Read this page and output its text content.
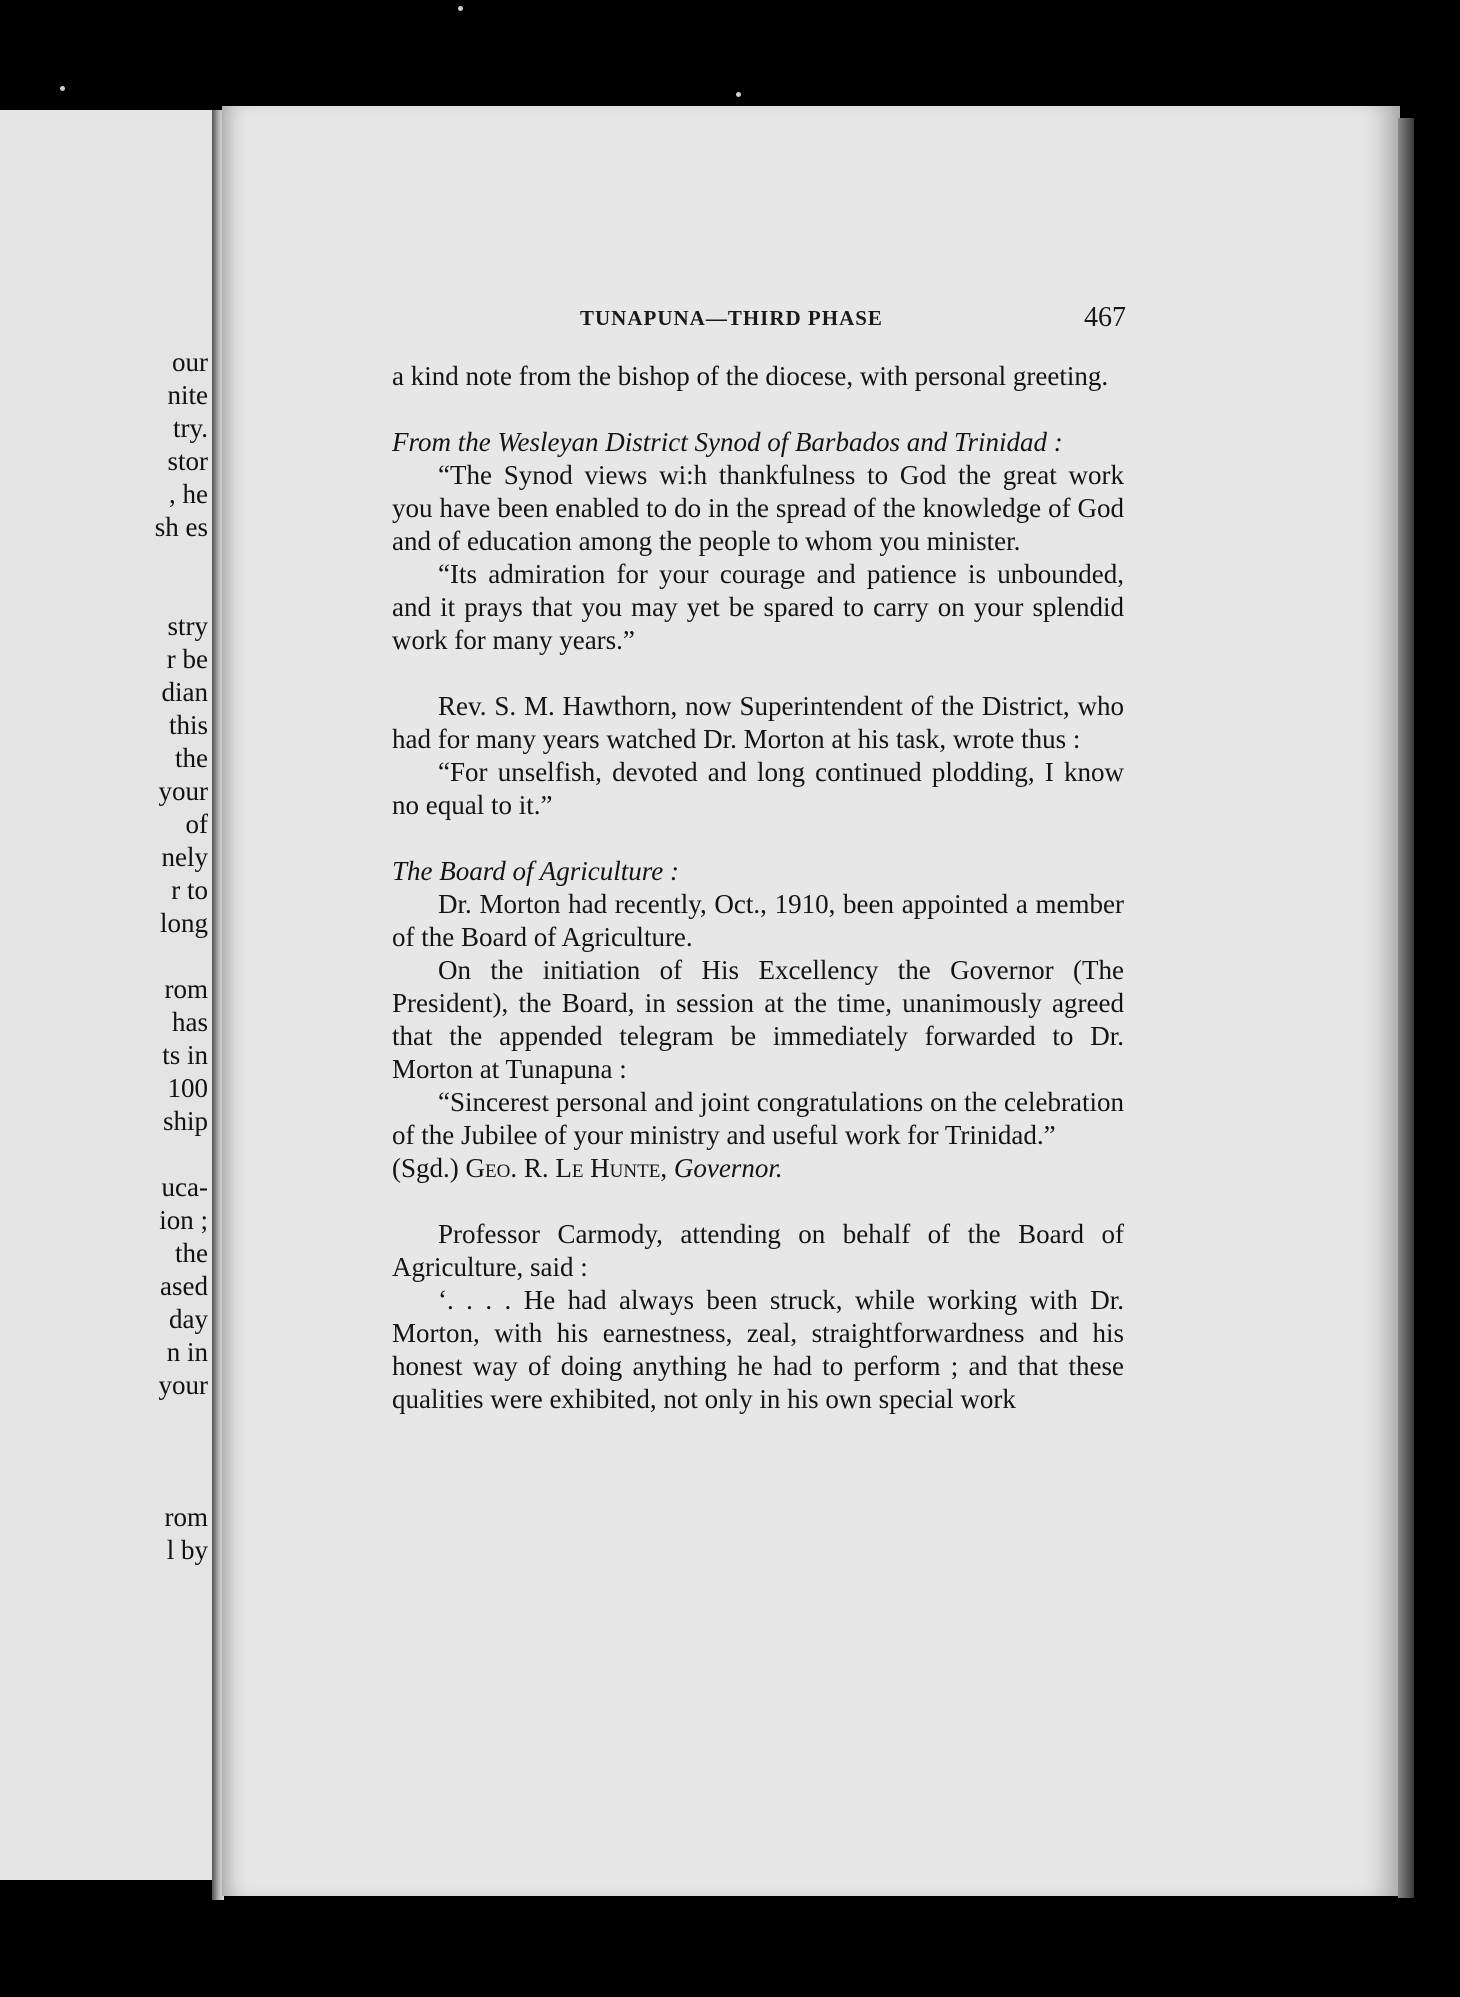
our
nite
try.
stor
, he
sh es
stry
r be
dian
this
the
your
of
nely
r to
long
rom
has
ts in
100
ship
uca-
ion ;
the
ased
day
n in
your
rom
l by
TUNAPUNA—THIRD PHASE	467

a kind note from the bishop of the diocese, with personal greeting.

From the Wesleyan District Synod of Barbados and Trinidad :

“The Synod views wi:h thankfulness to God the great work you have been enabled to do in the spread of the knowledge of God and of education among the people to whom you minister.

“Its admiration for your courage and patience is unbounded, and it prays that you may yet be spared to carry on your splendid work for many years.”

Rev. S. M. Hawthorn, now Superintendent of the District, who had for many years watched Dr. Morton at his task, wrote thus :

“For unselfish, devoted and long continued plodding, I know no equal to it.”

The Board of Agriculture :

Dr. Morton had recently, Oct., 1910, been appointed a member of the Board of Agriculture.

On the initiation of His Excellency the Governor (The President), the Board, in session at the time, unanimously agreed that the appended telegram be immediately forwarded to Dr. Morton at Tunapuna :

“Sincerest personal and joint congratulations on the celebration of the Jubilee of your ministry and useful work for Trinidad.”

(Sgd.) Geo. R. Le Hunte, Governor.

Professor Carmody, attending on behalf of the Board of Agriculture, said :

‘. . . . He had always been struck, while working with Dr. Morton, with his earnestness, zeal, straightforwardness and his honest way of doing anything he had to perform ; and that these qualities were exhibited, not only in his own special work
